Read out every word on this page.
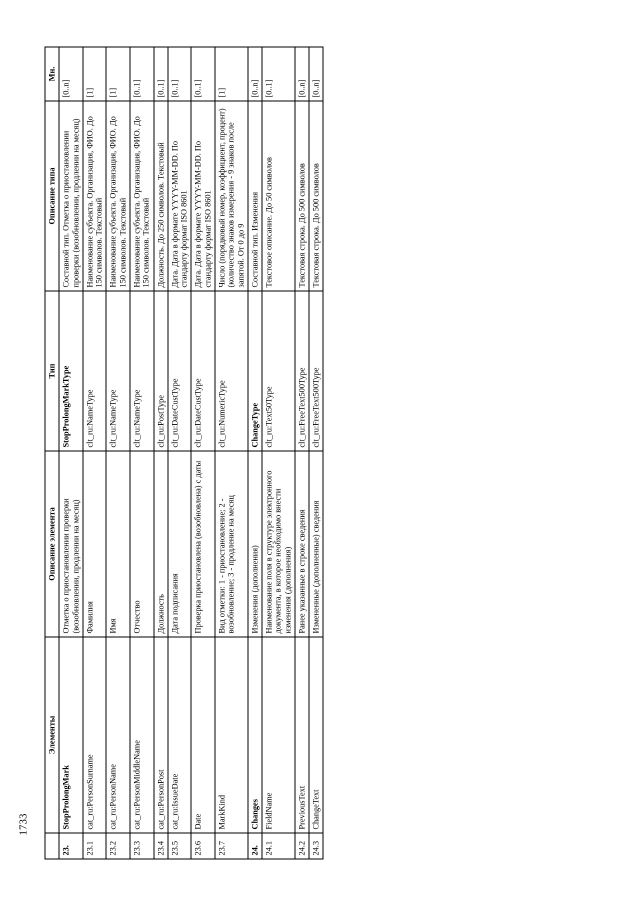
1733
	Элементы	Описание элемента	Тип	Описание типа	Мн.
23.	StopProlongMark	Отметка о приостановлении проверки (возобновлении, продлении на месяц)	StopProlongMarkType	Составной тип. Отметка о приостановлении проверки (возобновлении, продлении на месяц)	[0..n]
23.1	cat_ru:PersonSurname	Фамилия	clt_ru:NameType	Наименование субъекта. Организация, ФИО. До 150 символов. Текстовый	[1]
23.2	cat_ru:PersonName	Имя	clt_ru:NameType	Наименование субъекта. Организация, ФИО. До 150 символов. Текстовый	[1]
23.3	cat_ru:PersonMiddleName	Отчество	clt_ru:NameType	Наименование субъекта. Организация, ФИО. До 150 символов. Текстовый	[0..1]
23.4	cat_ru:PersonPost	Должность	clt_ru:PostType	Должность. До 250 символов. Текстовый	[0..1]
23.5	cat_ru:IssueDate	Дата подписания	clt_ru:DateCustType	Дата. Дата в формате YYYY-MM-DD. По стандарту формат ISO 8601	[0..1]
23.6	Date	Проверка приостановлена (возобновлена) с даты	clt_ru:DateCustType	Дата. Дата в формате YYYY-MM-DD. По стандарту формат ISO 8601	[0..1]
23.7	MarkKind	Вид отметки: 1 - приостановление; 2 - возобновление; 3 - продление на месяц	clt_ru:NumericType	Число (порядковый номер, коэффициент, процент) (количество знаков измерения - 9 знаков после запятой. От 0 до 9	[1]
24.	Changes	Изменения (дополнения)	ChangeType	Составной тип. Изменения	[0..n]
24.1	FieldName	Наименование поля в структуре электронного документа, в которое необходимо внести изменения (дополнения)	clt_ru:Text50Type	Текстовое описание. До 50 символов	[0..1]
24.2	PreviousText	Ранее указанные в строке сведения	clt_ru:FreeText500Type	Текстовая строка. До 500 символов	[0..n]
24.3	ChangeText	Измененные (дополненные) сведения	clt_ru:FreeText500Type	Текстовая строка. До 500 символов	[0..n]
